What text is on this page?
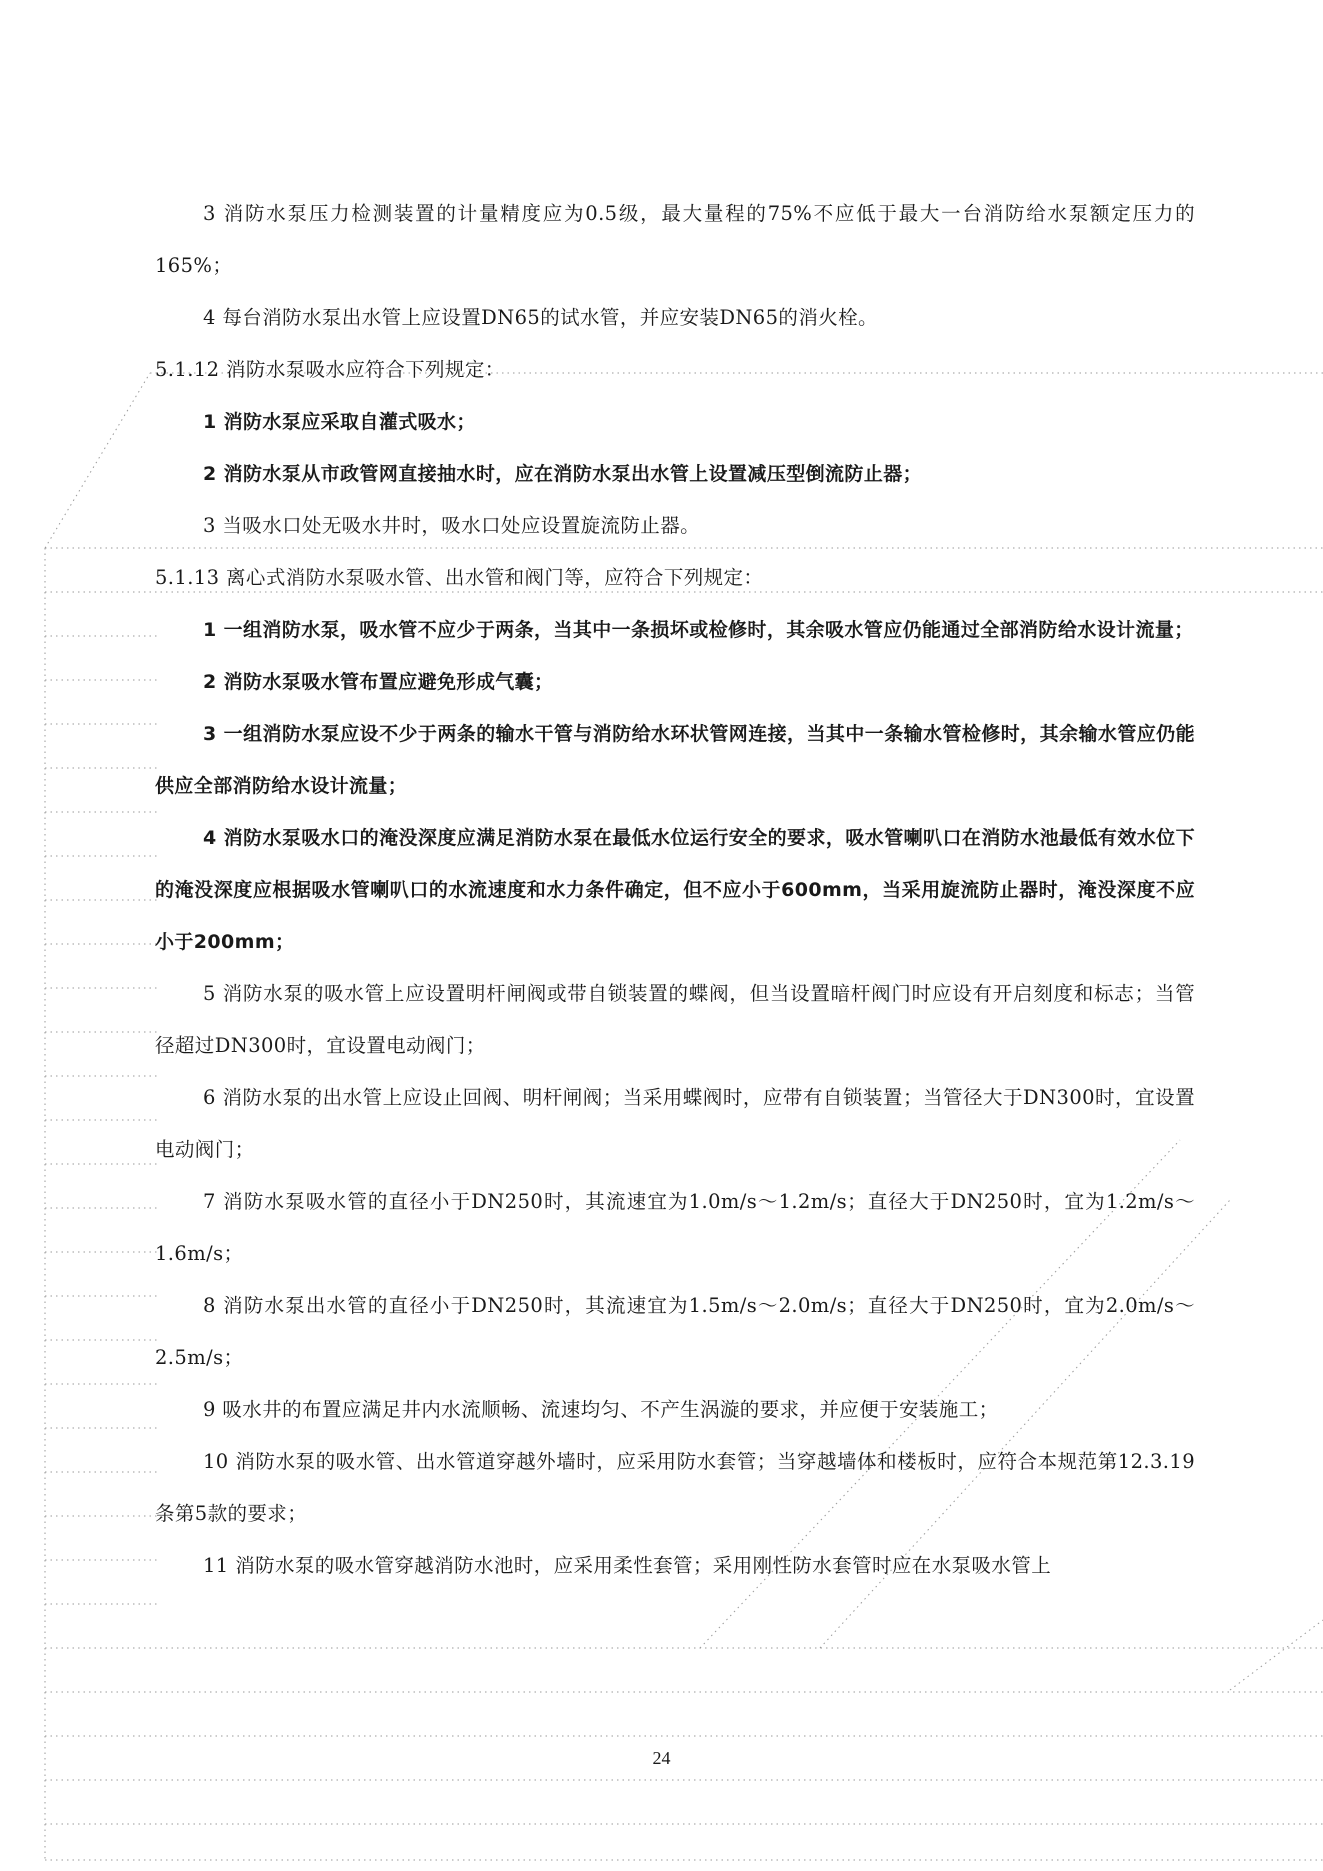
3 消防水泵压力检测装置的计量精度应为0.5级，最大量程的75%不应低于最大一台消防给水泵额定压力的165%；

4 每台消防水泵出水管上应设置DN65的试水管，并应安装DN65的消火栓。

5.1.12 消防水泵吸水应符合下列规定：

1 消防水泵应采取自灌式吸水；

2 消防水泵从市政管网直接抽水时，应在消防水泵出水管上设置减压型倒流防止器；

3 当吸水口处无吸水井时，吸水口处应设置旋流防止器。

5.1.13 离心式消防水泵吸水管、出水管和阀门等，应符合下列规定：

1 一组消防水泵，吸水管不应少于两条，当其中一条损坏或检修时，其余吸水管应仍能通过全部消防给水设计流量；

2 消防水泵吸水管布置应避免形成气囊；

3 一组消防水泵应设不少于两条的输水干管与消防给水环状管网连接，当其中一条输水管检修时，其余输水管应仍能供应全部消防给水设计流量；

4 消防水泵吸水口的淹没深度应满足消防水泵在最低水位运行安全的要求，吸水管喇叭口在消防水池最低有效水位下的淹没深度应根据吸水管喇叭口的水流速度和水力条件确定，但不应小于600mm，当采用旋流防止器时，淹没深度不应小于200mm；

5 消防水泵的吸水管上应设置明杆闸阀或带自锁装置的蝶阀，但当设置暗杆阀门时应设有开启刻度和标志；当管径超过DN300时，宜设置电动阀门；

6 消防水泵的出水管上应设止回阀、明杆闸阀；当采用蝶阀时，应带有自锁装置；当管径大于DN300时，宜设置电动阀门；

7 消防水泵吸水管的直径小于DN250时，其流速宜为1.0m/s～1.2m/s；直径大于DN250时，宜为1.2m/s～1.6m/s；

8 消防水泵出水管的直径小于DN250时，其流速宜为1.5m/s～2.0m/s；直径大于DN250时，宜为2.0m/s～2.5m/s；

9 吸水井的布置应满足井内水流顺畅、流速均匀、不产生涡漩的要求，并应便于安装施工；

10 消防水泵的吸水管、出水管道穿越外墙时，应采用防水套管；当穿越墙体和楼板时，应符合本规范第12.3.19条第5款的要求；

11 消防水泵的吸水管穿越消防水池时，应采用柔性套管；采用刚性防水套管时应在水泵吸水管上

24
